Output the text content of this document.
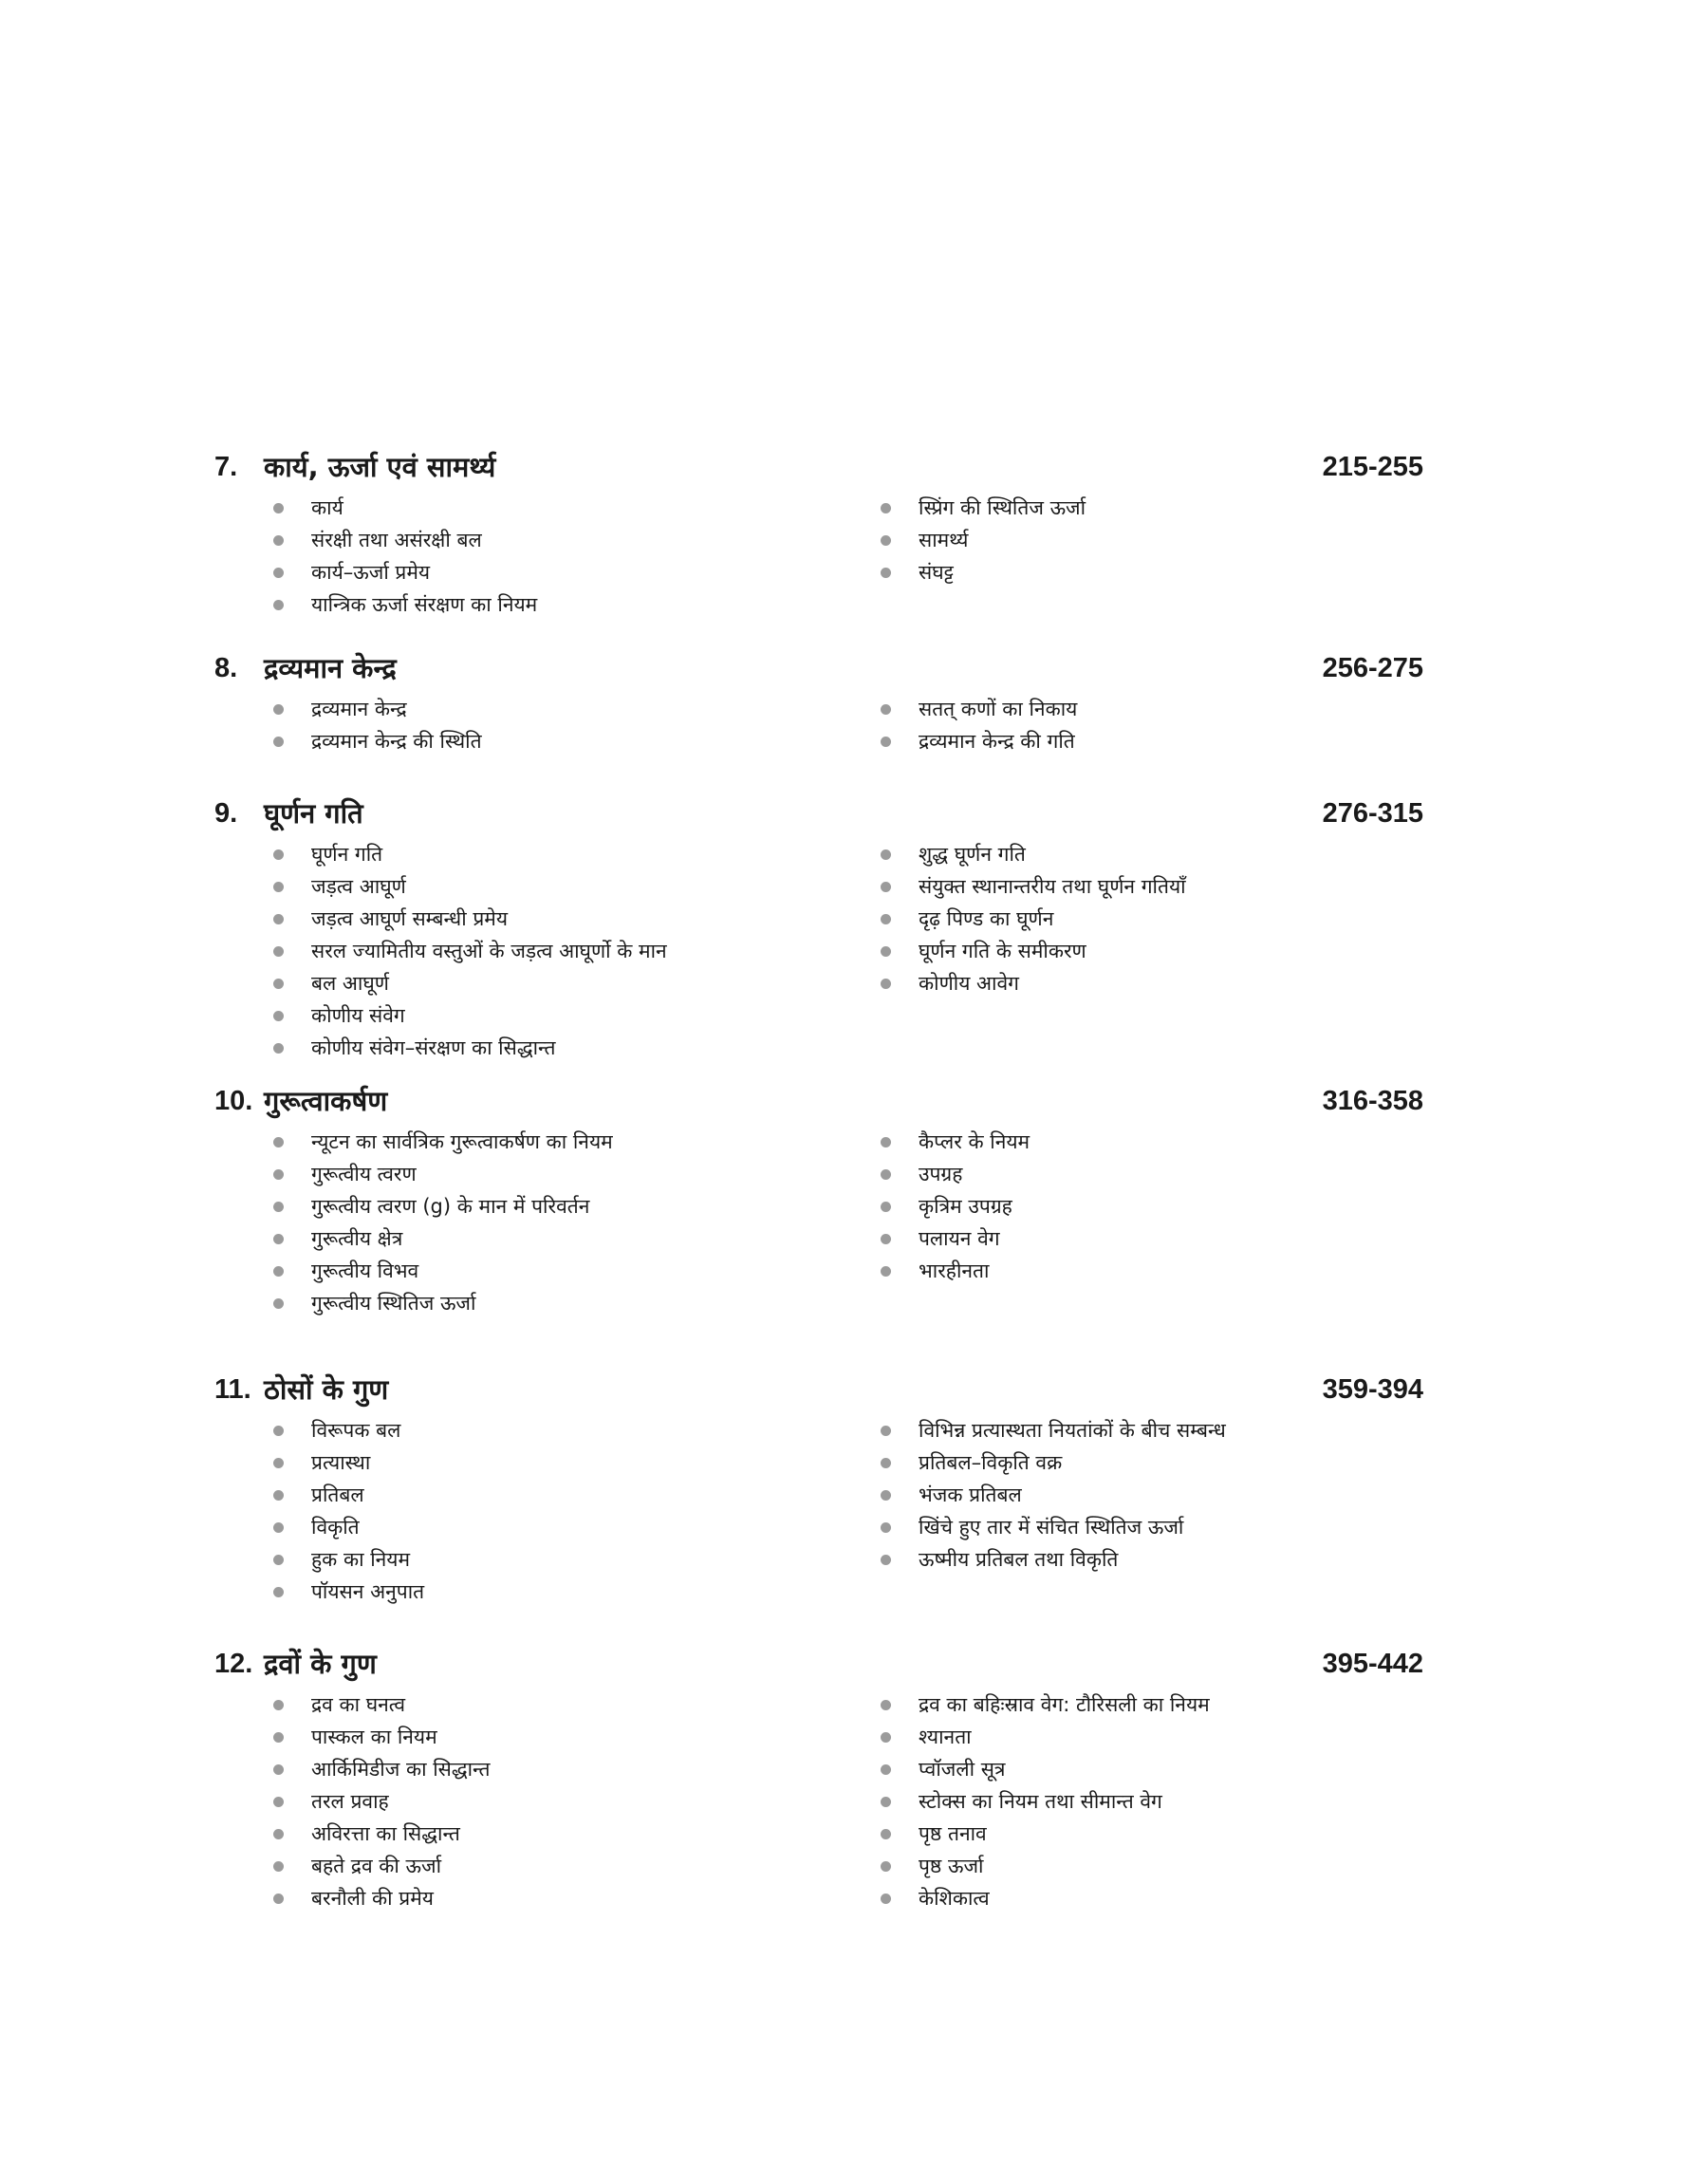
7. कार्य, ऊर्जा एवं सामर्थ्य	215-255
कार्य
संरक्षी तथा असंरक्षी बल
कार्य–ऊर्जा प्रमेय
यान्त्रिक ऊर्जा संरक्षण का नियम
स्प्रिंग की स्थितिज ऊर्जा
सामर्थ्य
संघट्ट
8. द्रव्यमान केन्द्र	256-275
द्रव्यमान केन्द्र
द्रव्यमान केन्द्र की स्थिति
सतत् कणों का निकाय
द्रव्यमान केन्द्र की गति
9. घूर्णन गति	276-315
घूर्णन गति
जड़त्व आघूर्ण
जड़त्व आघूर्ण सम्बन्धी प्रमेय
सरल ज्यामितीय वस्तुओं के जड़त्व आघूर्णो के मान
बल आघूर्ण
कोणीय संवेग
कोणीय संवेग–संरक्षण का सिद्धान्त
शुद्ध घूर्णन गति
संयुक्त स्थानान्तरीय तथा घूर्णन गतियाँ
दृढ़ पिण्ड का घूर्णन
घूर्णन गति के समीकरण
कोणीय आवेग
10. गुरूत्वाकर्षण	316-358
न्यूटन का सार्वत्रिक गुरूत्वाकर्षण का नियम
गुरूत्वीय त्वरण
गुरूत्वीय त्वरण (g) के मान में परिवर्तन
गुरूत्वीय क्षेत्र
गुरूत्वीय विभव
गुरूत्वीय स्थितिज ऊर्जा
कैप्लर के नियम
उपग्रह
कृत्रिम उपग्रह
पलायन वेग
भारहीनता
11. ठोसों के गुण	359-394
विरूपक बल
प्रत्यास्था
प्रतिबल
विकृति
हुक का नियम
पॉयसन अनुपात
विभिन्न प्रत्यास्थता नियतांकों के बीच सम्बन्ध
प्रतिबल–विकृति वक्र
भंजक प्रतिबल
खिंचे हुए तार में संचित स्थितिज ऊर्जा
ऊष्मीय प्रतिबल तथा विकृति
12. द्रवों के गुण	395-442
द्रव का घनत्व
पास्कल का नियम
आर्किमिडीज का सिद्धान्त
तरल प्रवाह
अविरत्ता का सिद्धान्त
बहते द्रव की ऊर्जा
बरनौली की प्रमेय
द्रव का बहिःस्राव वेग: टौरिसली का नियम
श्यानता
प्वॉजली सूत्र
स्टोक्स का नियम तथा सीमान्त वेग
पृष्ठ तनाव
पृष्ठ ऊर्जा
केशिकात्व
